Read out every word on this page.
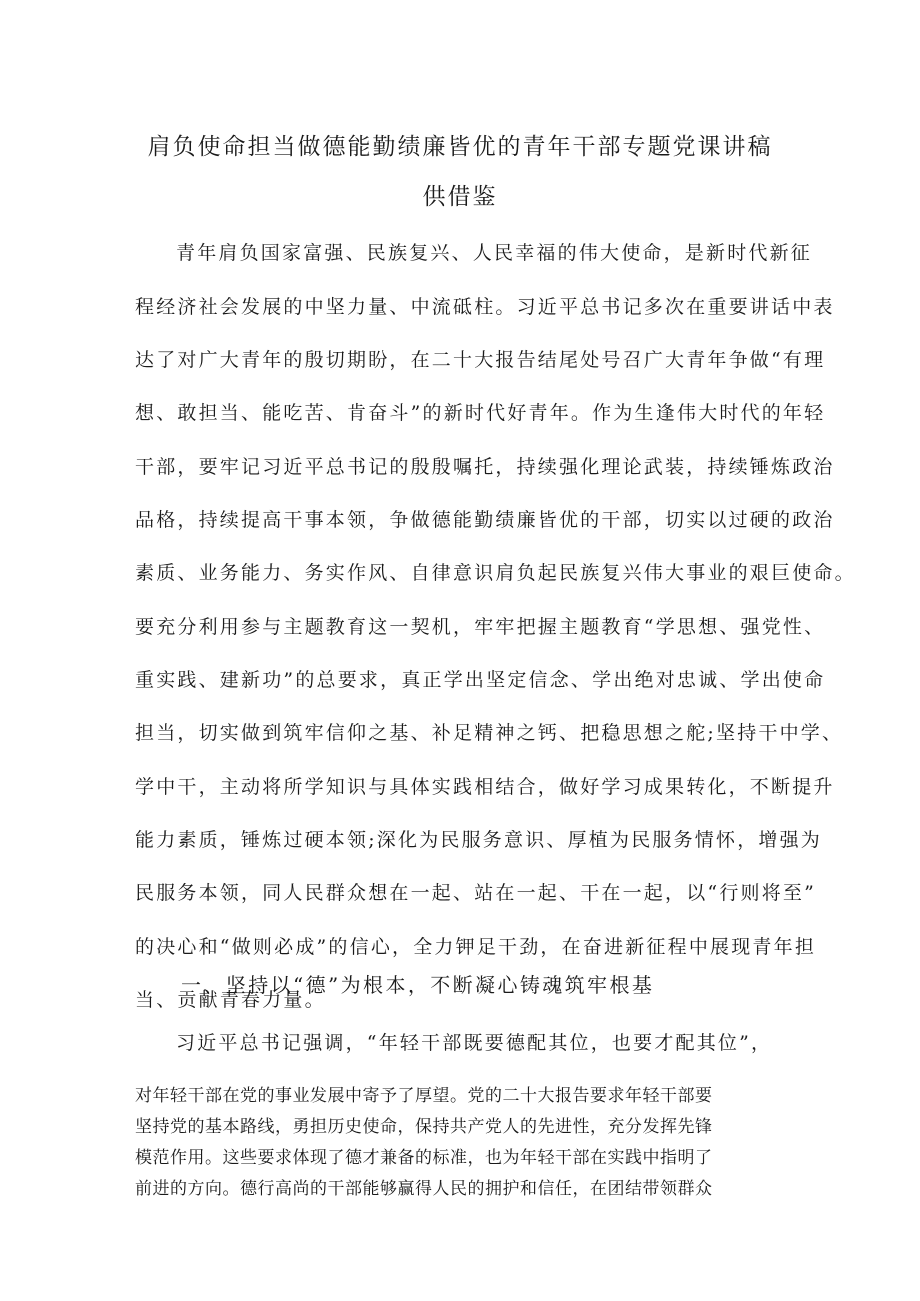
肩负使命担当做德能勤绩廉皆优的青年干部专题党课讲稿
供借鉴
青年肩负国家富强、民族复兴、人民幸福的伟大使命，是新时代新征
程经济社会发展的中坚力量、中流砥柱。习近平总书记多次在重要讲话中表
达了对广大青年的殷切期盼，在二十大报告结尾处号召广大青年争做“有理
想、敢担当、能吃苦、肯奋斗”的新时代好青年。作为生逢伟大时代的年轻
干部，要牢记习近平总书记的殷殷嘱托，持续强化理论武装，持续锤炼政治
品格，持续提高干事本领，争做德能勤绩廉皆优的干部，切实以过硬的政治
素质、业务能力、务实作风、自律意识肩负起民族复兴伟大事业的艰巨使命。
要充分利用参与主题教育这一契机，牢牢把握主题教育“学思想、强党性、
重实践、建新功”的总要求，真正学出坚定信念、学出绝对忠诚、学出使命
担当，切实做到筑牢信仰之基、补足精神之钙、把稳思想之舵;坚持干中学、
学中干，主动将所学知识与具体实践相结合，做好学习成果转化，不断提升
能力素质，锤炼过硬本领;深化为民服务意识、厚植为民服务情怀，增强为
民服务本领，同人民群众想在一起、站在一起、干在一起，以“行则将至”
的决心和“做则必成”的信心，全力钾足干劲，在奋进新征程中展现青年担
当、贡献青春力量。
一、坚持以“德”为根本，不断凝心铸魂筑牢根基
习近平总书记强调，“年轻干部既要德配其位，也要才配其位”，
对年轻干部在党的事业发展中寄予了厚望。党的二十大报告要求年轻干部要
坚持党的基本路线，勇担历史使命，保持共产党人的先进性，充分发挥先锋
模范作用。这些要求体现了德才兼备的标准，也为年轻干部在实践中指明了
前进的方向。德行高尚的干部能够赢得人民的拥护和信任，在团结带领群众
